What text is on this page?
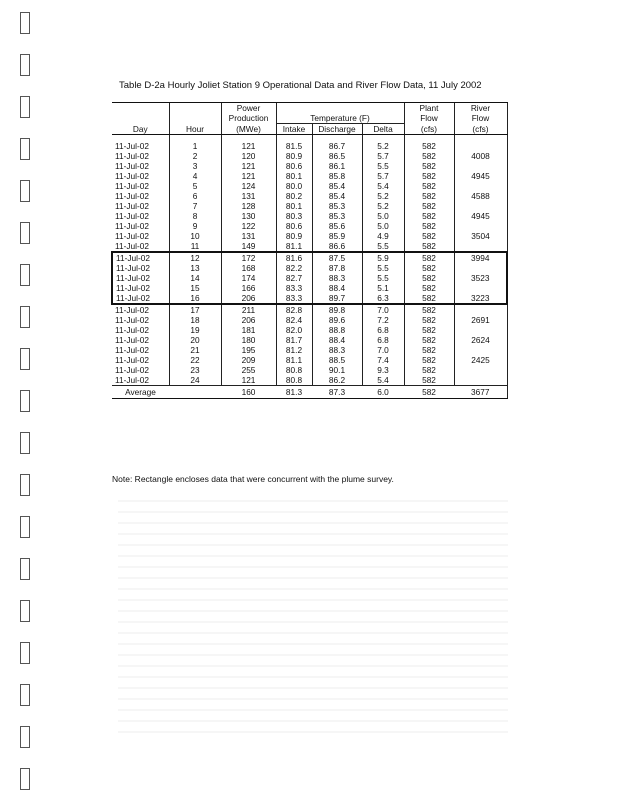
Table D-2a Hourly Joliet Station 9 Operational Data and River Flow Data, 11 July 2002
		Power				Plant	River
		Production	Temperature (F)			Flow	Flow
Day	Hour	(MWe)	Intake	Discharge	Delta	(cfs)	(cfs)

11-Jul-02	1	121	81.5	86.7	5.2	582	
11-Jul-02	2	120	80.9	86.5	5.7	582	4008
11-Jul-02	3	121	80.6	86.1	5.5	582	
11-Jul-02	4	121	80.1	85.8	5.7	582	4945
11-Jul-02	5	124	80.0	85.4	5.4	582	
11-Jul-02	6	131	80.2	85.4	5.2	582	4588
11-Jul-02	7	128	80.1	85.3	5.2	582	
11-Jul-02	8	130	80.3	85.3	5.0	582	4945
11-Jul-02	9	122	80.6	85.6	5.0	582	
11-Jul-02	10	131	80.9	85.9	4.9	582	3504
11-Jul-02	11	149	81.1	86.6	5.5	582	
11-Jul-02	12	172	81.6	87.5	5.9	582	3994
11-Jul-02	13	168	82.2	87.8	5.5	582	
11-Jul-02	14	174	82.7	88.3	5.5	582	3523
11-Jul-02	15	166	83.3	88.4	5.1	582	
11-Jul-02	16	206	83.3	89.7	6.3	582	3223
11-Jul-02	17	211	82.8	89.8	7.0	582	
11-Jul-02	18	206	82.4	89.6	7.2	582	2691
11-Jul-02	19	181	82.0	88.8	6.8	582	
11-Jul-02	20	180	81.7	88.4	6.8	582	2624
11-Jul-02	21	195	81.2	88.3	7.0	582	
11-Jul-02	22	209	81.1	88.5	7.4	582	2425
11-Jul-02	23	255	80.8	90.1	9.3	582	
11-Jul-02	24	121	80.8	86.2	5.4	582	
Average		160	81.3	87.3	6.0	582	3677
Note: Rectangle encloses data that were concurrent with the plume survey.
